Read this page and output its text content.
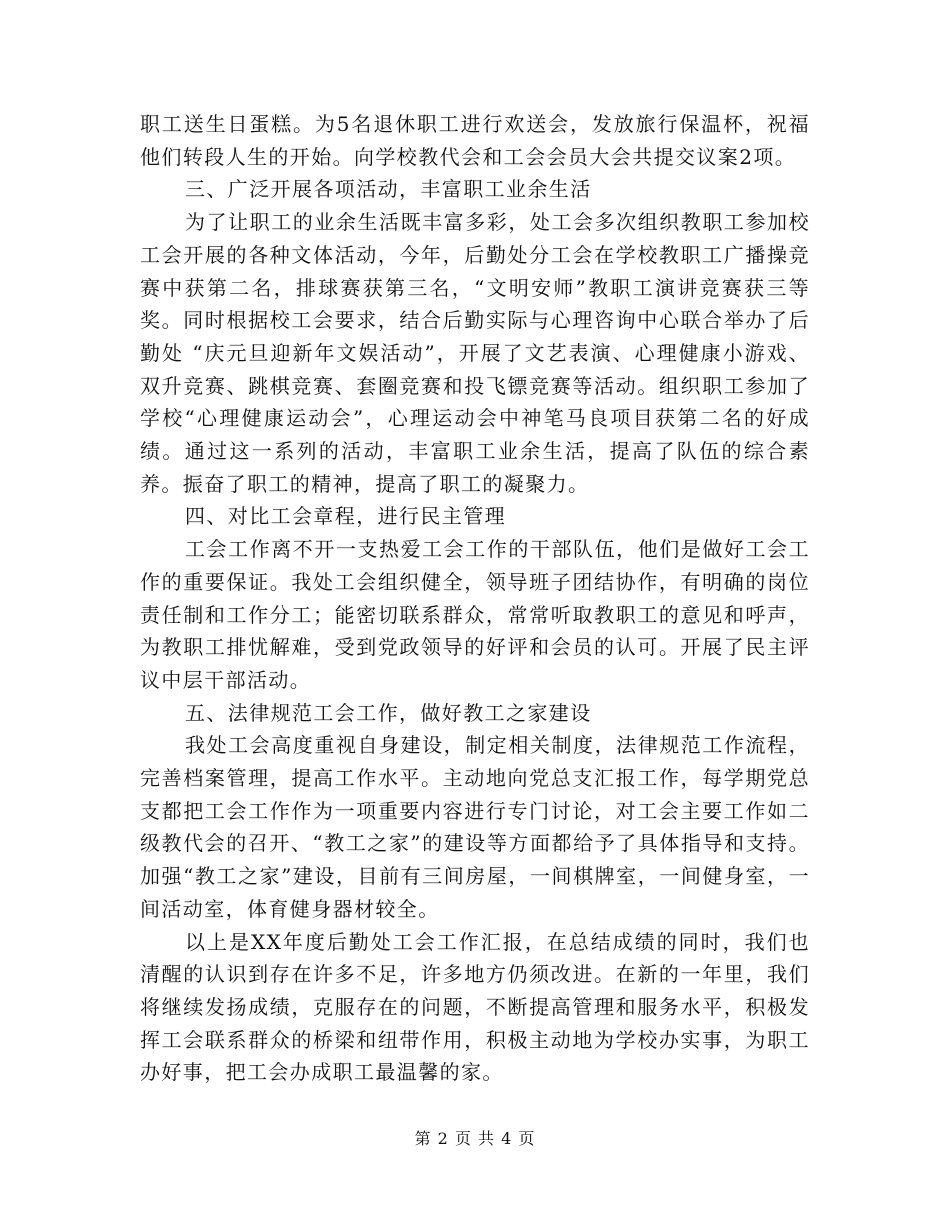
职工送生日蛋糕。为5名退休职工进行欢送会，发放旅行保温杯，祝福他们转段人生的开始。向学校教代会和工会会员大会共提交议案2项。

三、广泛开展各项活动，丰富职工业余生活

为了让职工的业余生活既丰富多彩，处工会多次组织教职工参加校工会开展的各种文体活动，今年，后勤处分工会在学校教职工广播操竞赛中获第二名，排球赛获第三名，“文明安师”教职工演讲竞赛获三等奖。同时根据校工会要求，结合后勤实际与心理咨询中心联合举办了后勤处 “庆元旦迎新年文娱活动”，开展了文艺表演、心理健康小游戏、双升竞赛、跳棋竞赛、套圈竞赛和投飞镖竞赛等活动。组织职工参加了学校“心理健康运动会”，心理运动会中神笔马良项目获第二名的好成绩。通过这一系列的活动，丰富职工业余生活，提高了队伍的综合素养。振奋了职工的精神，提高了职工的凝聚力。

四、对比工会章程，进行民主管理

工会工作离不开一支热爱工会工作的干部队伍，他们是做好工会工作的重要保证。我处工会组织健全，领导班子团结协作，有明确的岗位责任制和工作分工；能密切联系群众，常常听取教职工的意见和呼声，为教职工排忧解难，受到党政领导的好评和会员的认可。开展了民主评议中层干部活动。

五、法律规范工会工作，做好教工之家建设

我处工会高度重视自身建设，制定相关制度，法律规范工作流程，完善档案管理，提高工作水平。主动地向党总支汇报工作，每学期党总支都把工会工作作为一项重要内容进行专门讨论，对工会主要工作如二级教代会的召开、“教工之家”的建设等方面都给予了具体指导和支持。加强“教工之家”建设，目前有三间房屋，一间棋牌室，一间健身室，一间活动室，体育健身器材较全。

以上是XX年度后勤处工会工作汇报，在总结成绩的同时，我们也清醒的认识到存在许多不足，许多地方仍须改进。在新的一年里，我们将继续发扬成绩，克服存在的问题，不断提高管理和服务水平，积极发挥工会联系群众的桥梁和纽带作用，积极主动地为学校办实事，为职工办好事，把工会办成职工最温馨的家。

第 2 页 共 4 页
